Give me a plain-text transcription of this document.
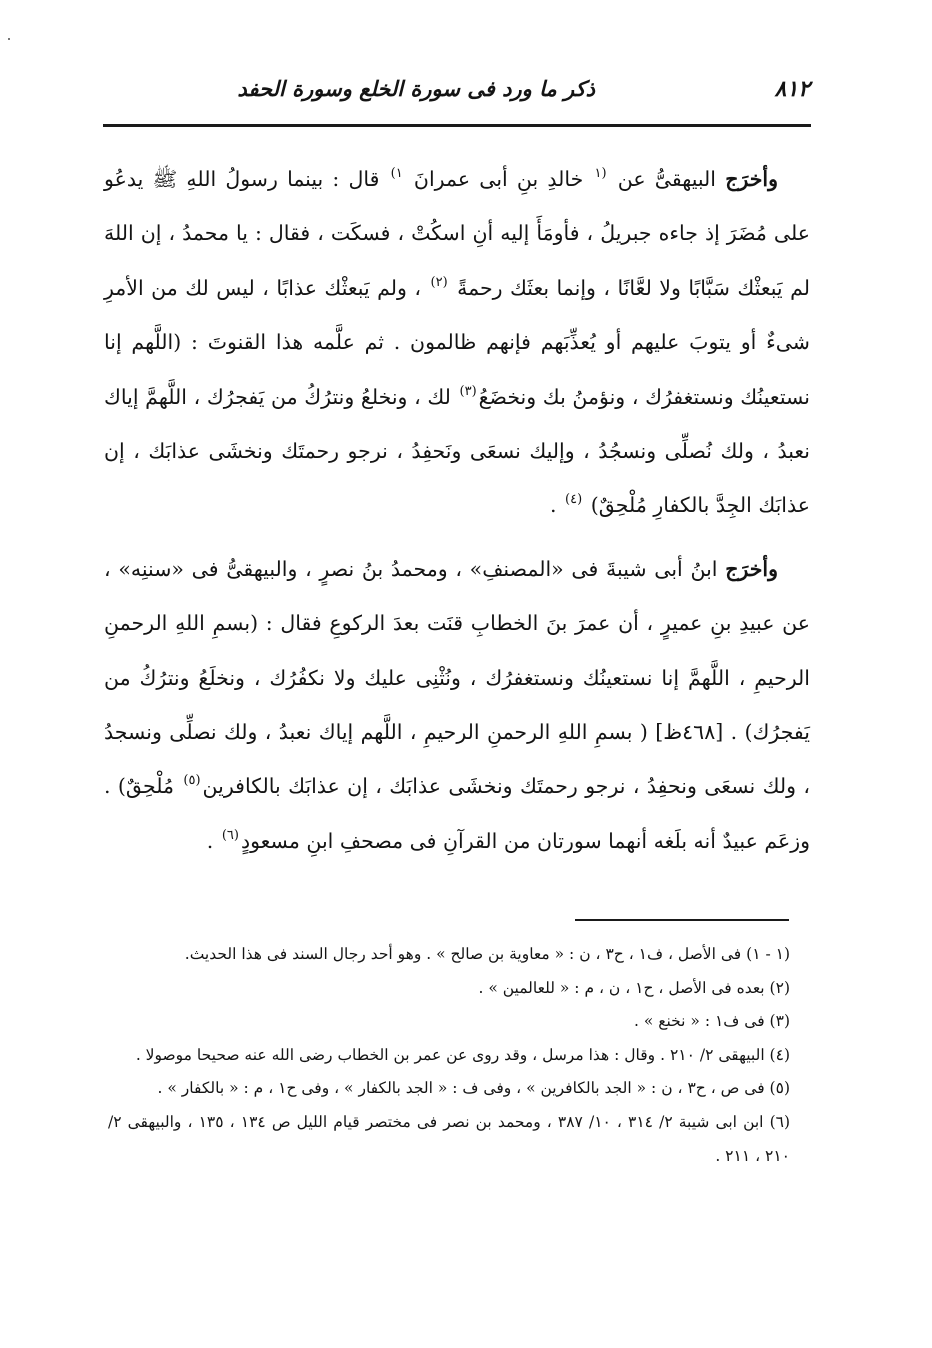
٨١٢
ذكر ما ورد فى سورة الخلع وسورة الحفد

وأخرَج البيهقىُّ عن $^{(١}$ خالدِ بنِ أبى عمرانَ $^{١)}$ قال : بينما رسولُ اللهِ ﷺ يدعُو على مُضَرَ إذ جاءه جبريلُ ، فأومَأَ إليه أنِ اسكُتْ ، فسكَت ، فقال : يا محمدُ ، إن اللهَ لم يَبعثْك سَبَّابًا ولا لعَّانًا ، وإنما بعثَك رحمةً $^{(٢)}$ ، ولم يَبعثْك عذابًا ، ليس لك من الأمرِ شىءٌ أو يتوبَ عليهم أو يُعذِّبَهم فإنهم ظالمون . ثم علَّمه هذا القنوتَ : (اللَّهم إنا نستعينُك ونستغفرُك ، ونؤمنُ بك ونخضَعُ$^{(٣)}$ لك ، ونخلعُ ونترُكُ من يَفجرُك ، اللَّهمَّ إياك نعبدُ ، ولك نُصلِّى ونسجُدُ ، وإليك نسعَى ونَحفِدُ ، نرجو رحمتَك ونخشَى عذابَك ، إن عذابَك الجِدَّ بالكفارِ مُلْحِقٌ) $^{(٤)}$ .

وأخرَج ابنُ أبى شيبةَ فى «المصنفِ» ، ومحمدُ بنُ نصرٍ ، والبيهقىُّ فى «سننِه» ، عن عبيدِ بنِ عميرٍ ، أن عمرَ بنَ الخطابِ قنَت بعدَ الركوعِ فقال : (بسمِ اللهِ الرحمنِ الرحيمِ ، اللَّهمَّ إنا نستعينُك ونستغفرُك ، ونُثْنِى عليك ولا نكفُرُك ، ونخلَعُ ونترُكُ من يَفجرُك) . [٤٦٨ظ] ( بسمِ اللهِ الرحمنِ الرحيمِ ، اللَّهم إياك نعبدُ ، ولك نصلِّى ونسجدُ ، ولك نسعَى ونحفِدُ ، نرجو رحمتَك ونخشَى عذابَك ، إن عذابَك بالكافرين$^{(٥)}$ مُلْحِقٌ) . وزعَم عبيدٌ أنه بلَغه أنهما سورتان من القرآنِ فى مصحفِ ابنِ مسعودٍ$^{(٦)}$ .

(١ - ١) فى الأصل ، ف١ ، ح٣ ، ن : « معاوية بن صالح » . وهو أحد رجال السند فى هذا الحديث.

(٢) بعده فى الأصل ، ح١ ، ن ، م : « للعالمين » .

(٣) فى ف١ : « نخنع » .

(٤) البيهقى ٢/ ٢١٠ . وقال : هذا مرسل ، وقد روى عن عمر بن الخطاب رضى الله عنه صحيحا موصولا .

(٥) فى ص ، ح٣ ، ن : « الجد بالكافرين » ، وفى ف : « الجد بالكفار » ، وفى ح١ ، م : « بالكفار » .

(٦) ابن ابى شيبة ٢/ ٣١٤ ، ١٠/ ٣٨٧ ، ومحمد بن نصر فى مختصر قيام الليل ص ١٣٤ ، ١٣٥ ، والبيهقى ٢/ ٢١٠ ، ٢١١ .
